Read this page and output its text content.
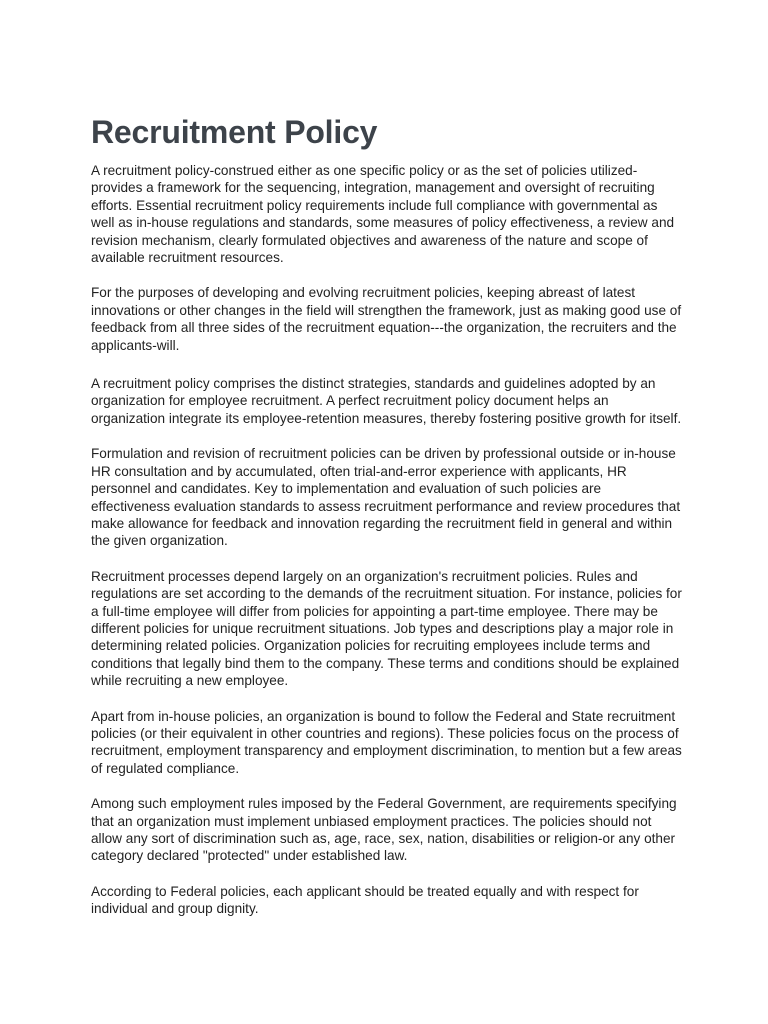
Recruitment Policy

A recruitment policy-construed either as one specific policy or as the set of policies utilized-provides a framework for the sequencing, integration, management and oversight of recruiting efforts. Essential recruitment policy requirements include full compliance with governmental as well as in-house regulations and standards, some measures of policy effectiveness, a review and revision mechanism, clearly formulated objectives and awareness of the nature and scope of available recruitment resources.

For the purposes of developing and evolving recruitment policies, keeping abreast of latest innovations or other changes in the field will strengthen the framework, just as making good use of feedback from all three sides of the recruitment equation---the organization, the recruiters and the applicants-will.

A recruitment policy comprises the distinct strategies, standards and guidelines adopted by an organization for employee recruitment. A perfect recruitment policy document helps an organization integrate its employee-retention measures, thereby fostering positive growth for itself.

Formulation and revision of recruitment policies can be driven by professional outside or in-house HR consultation and by accumulated, often trial-and-error experience with applicants, HR personnel and candidates. Key to implementation and evaluation of such policies are effectiveness evaluation standards to assess recruitment performance and review procedures that make allowance for feedback and innovation regarding the recruitment field in general and within the given organization.

Recruitment processes depend largely on an organization's recruitment policies. Rules and regulations are set according to the demands of the recruitment situation. For instance, policies for a full-time employee will differ from policies for appointing a part-time employee. There may be different policies for unique recruitment situations. Job types and descriptions play a major role in determining related policies. Organization policies for recruiting employees include terms and conditions that legally bind them to the company. These terms and conditions should be explained while recruiting a new employee.

Apart from in-house policies, an organization is bound to follow the Federal and State recruitment policies (or their equivalent in other countries and regions). These policies focus on the process of recruitment, employment transparency and employment discrimination, to mention but a few areas of regulated compliance.

Among such employment rules imposed by the Federal Government, are requirements specifying that an organization must implement unbiased employment practices. The policies should not allow any sort of discrimination such as, age, race, sex, nation, disabilities or religion-or any other category declared "protected" under established law.

According to Federal policies, each applicant should be treated equally and with respect for individual and group dignity.
